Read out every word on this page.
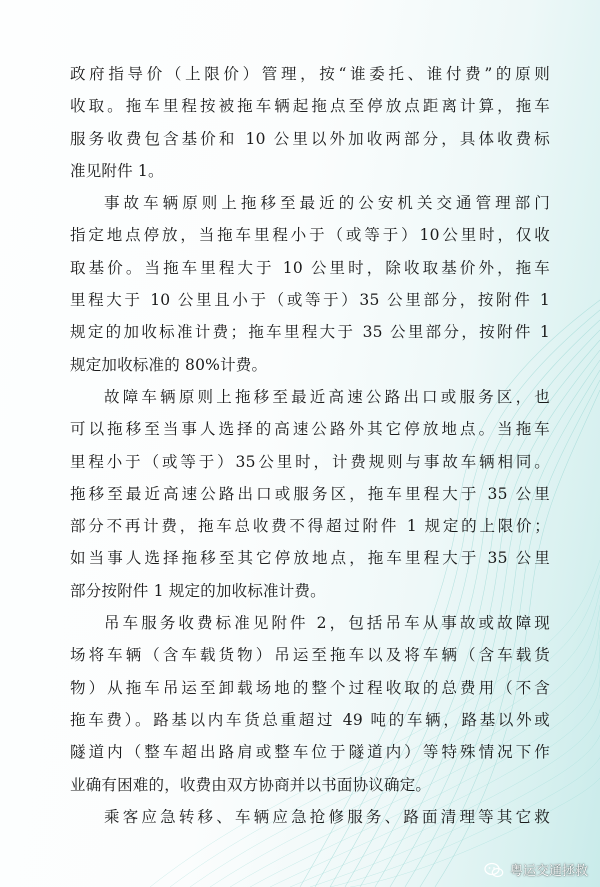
政府指导价（上限价）管理，按“谁委托、谁付费”的原则
收取。拖车里程按被拖车辆起拖点至停放点距离计算，拖车
服务收费包含基价和 10 公里以外加收两部分，具体收费标
准见附件 1。
事故车辆原则上拖移至最近的公安机关交通管理部门
指定地点停放，当拖车里程小于（或等于）10公里时，仅收
取基价。当拖车里程大于 10 公里时，除收取基价外，拖车
里程大于 10 公里且小于（或等于）35 公里部分，按附件 1
规定的加收标准计费；拖车里程大于 35 公里部分，按附件 1
规定加收标准的 80%计费。
故障车辆原则上拖移至最近高速公路出口或服务区，也
可以拖移至当事人选择的高速公路外其它停放地点。当拖车
里程小于（或等于）35公里时，计费规则与事故车辆相同。
拖移至最近高速公路出口或服务区，拖车里程大于 35 公里
部分不再计费，拖车总收费不得超过附件 1 规定的上限价；
如当事人选择拖移至其它停放地点，拖车里程大于 35 公里
部分按附件 1 规定的加收标准计费。
吊车服务收费标准见附件 2，包括吊车从事故或故障现
场将车辆（含车载货物）吊运至拖车以及将车辆（含车载货
物）从拖车吊运至卸载场地的整个过程收取的总费用（不含
拖车费）。路基以内车货总重超过 49 吨的车辆，路基以外或
隧道内（整车超出路肩或整车位于隧道内）等特殊情况下作
业确有困难的，收费由双方协商并以书面协议确定。
乘客应急转移、车辆应急抢修服务、路面清理等其它救
粤运交通拯救
